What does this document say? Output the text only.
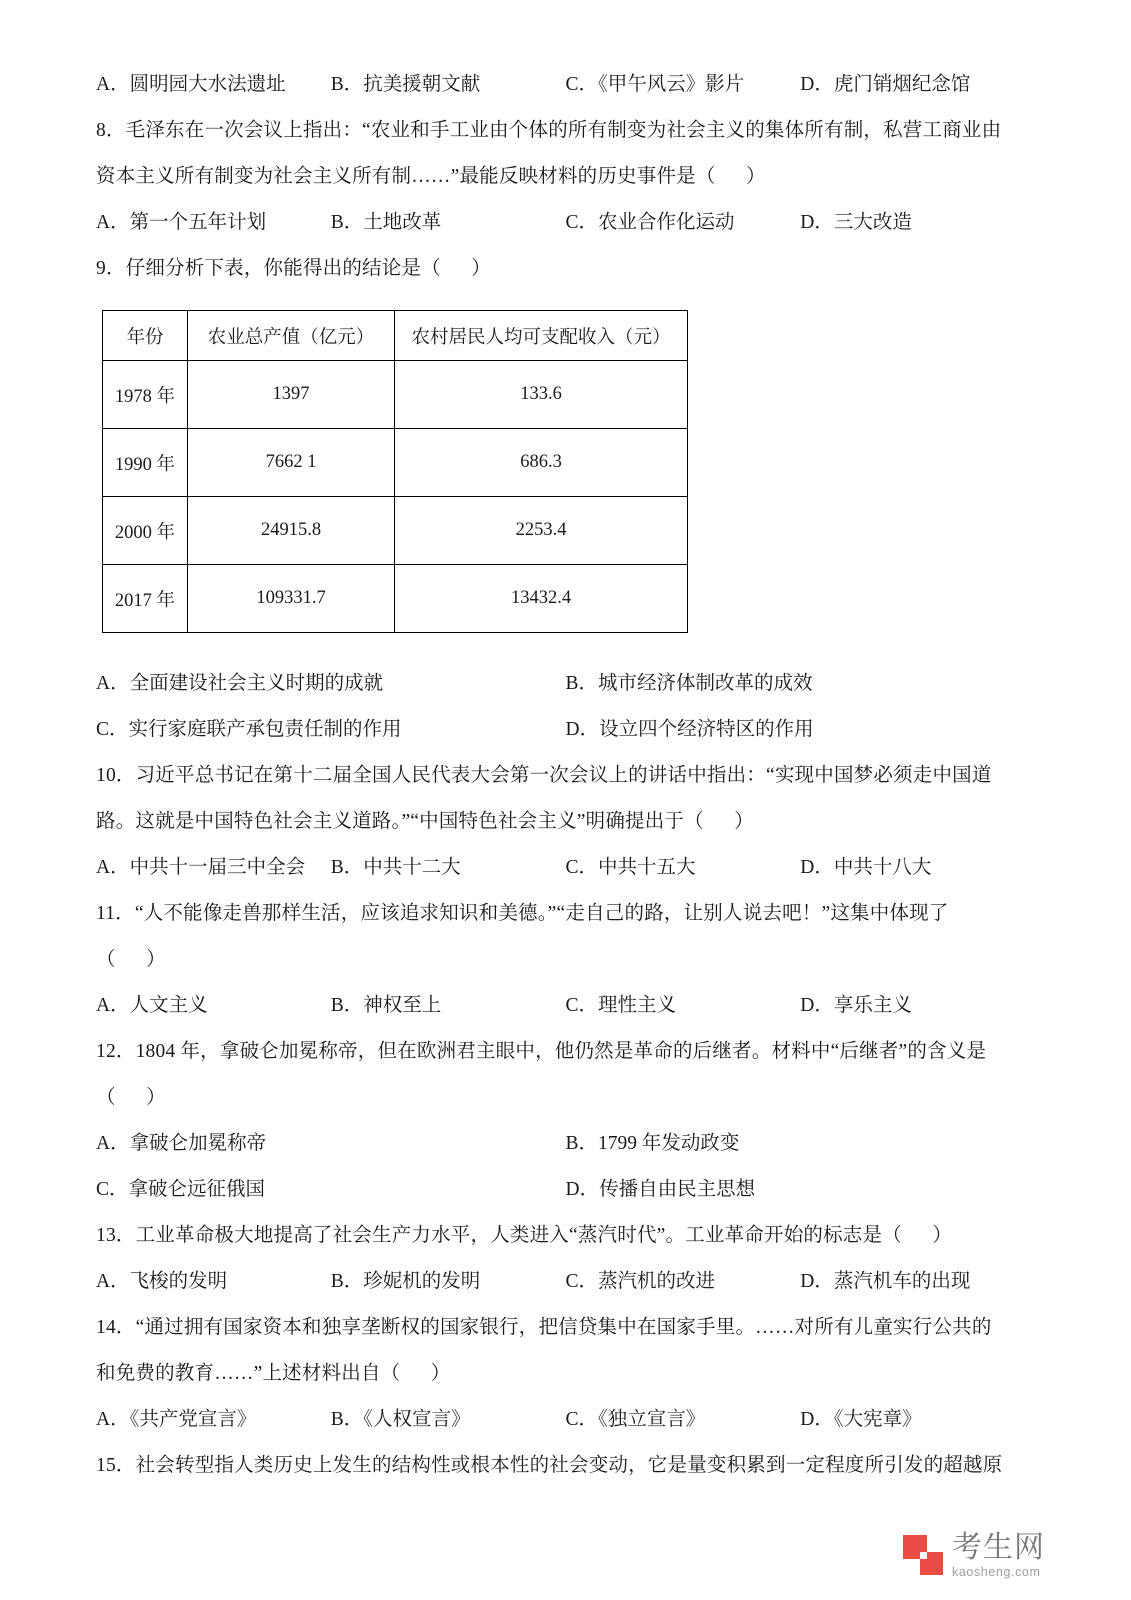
A．圆明园大水法遗址	B．抗美援朝文献	C．《甲午风云》影片	D．虎门销烟纪念馆
8．毛泽东在一次会议上指出：“农业和手工业由个体的所有制变为社会主义的集体所有制，私营工商业由
资本主义所有制变为社会主义所有制……”最能反映材料的历史事件是（      ）
A．第一个五年计划	B．土地改革	C．农业合作化运动	D．三大改造
9．仔细分析下表，你能得出的结论是（      ）
年份	农业总产值（亿元）	农村居民人均可支配收入（元）
1978 年	1397	133.6
1990 年	7662 1	686.3
2000 年	24915.8	2253.4
2017 年	109331.7	13432.4
A．全面建设社会主义时期的成就	B．城市经济体制改革的成效
C．实行家庭联产承包责任制的作用	D．设立四个经济特区的作用
10．习近平总书记在第十二届全国人民代表大会第一次会议上的讲话中指出：“实现中国梦必须走中国道
路。这就是中国特色社会主义道路。”“中国特色社会主义”明确提出于（      ）
A．中共十一届三中全会	B．中共十二大	C．中共十五大	D．中共十八大
11．“人不能像走兽那样生活，应该追求知识和美德。”“走自己的路，让别人说去吧！”这集中体现了
（      ）
A．人文主义	B．神权至上	C．理性主义	D．享乐主义
12．1804 年，拿破仑加冕称帝，但在欧洲君主眼中，他仍然是革命的后继者。材料中“后继者”的含义是
（      ）
A．拿破仑加冕称帝	B．1799 年发动政变
C．拿破仑远征俄国	D．传播自由民主思想
13．工业革命极大地提高了社会生产力水平，人类进入“蒸汽时代”。工业革命开始的标志是（      ）
A．飞梭的发明	B．珍妮机的发明	C．蒸汽机的改进	D．蒸汽机车的出现
14．“通过拥有国家资本和独享垄断权的国家银行，把信贷集中在国家手里。……对所有儿童实行公共的
和免费的教育……”上述材料出自（      ）
A．《共产党宣言》	B．《人权宣言》	C．《独立宣言》	D．《大宪章》
15．社会转型指人类历史上发生的结构性或根本性的社会变动，它是量变积累到一定程度所引发的超越原
考生网
kaosheng.com
